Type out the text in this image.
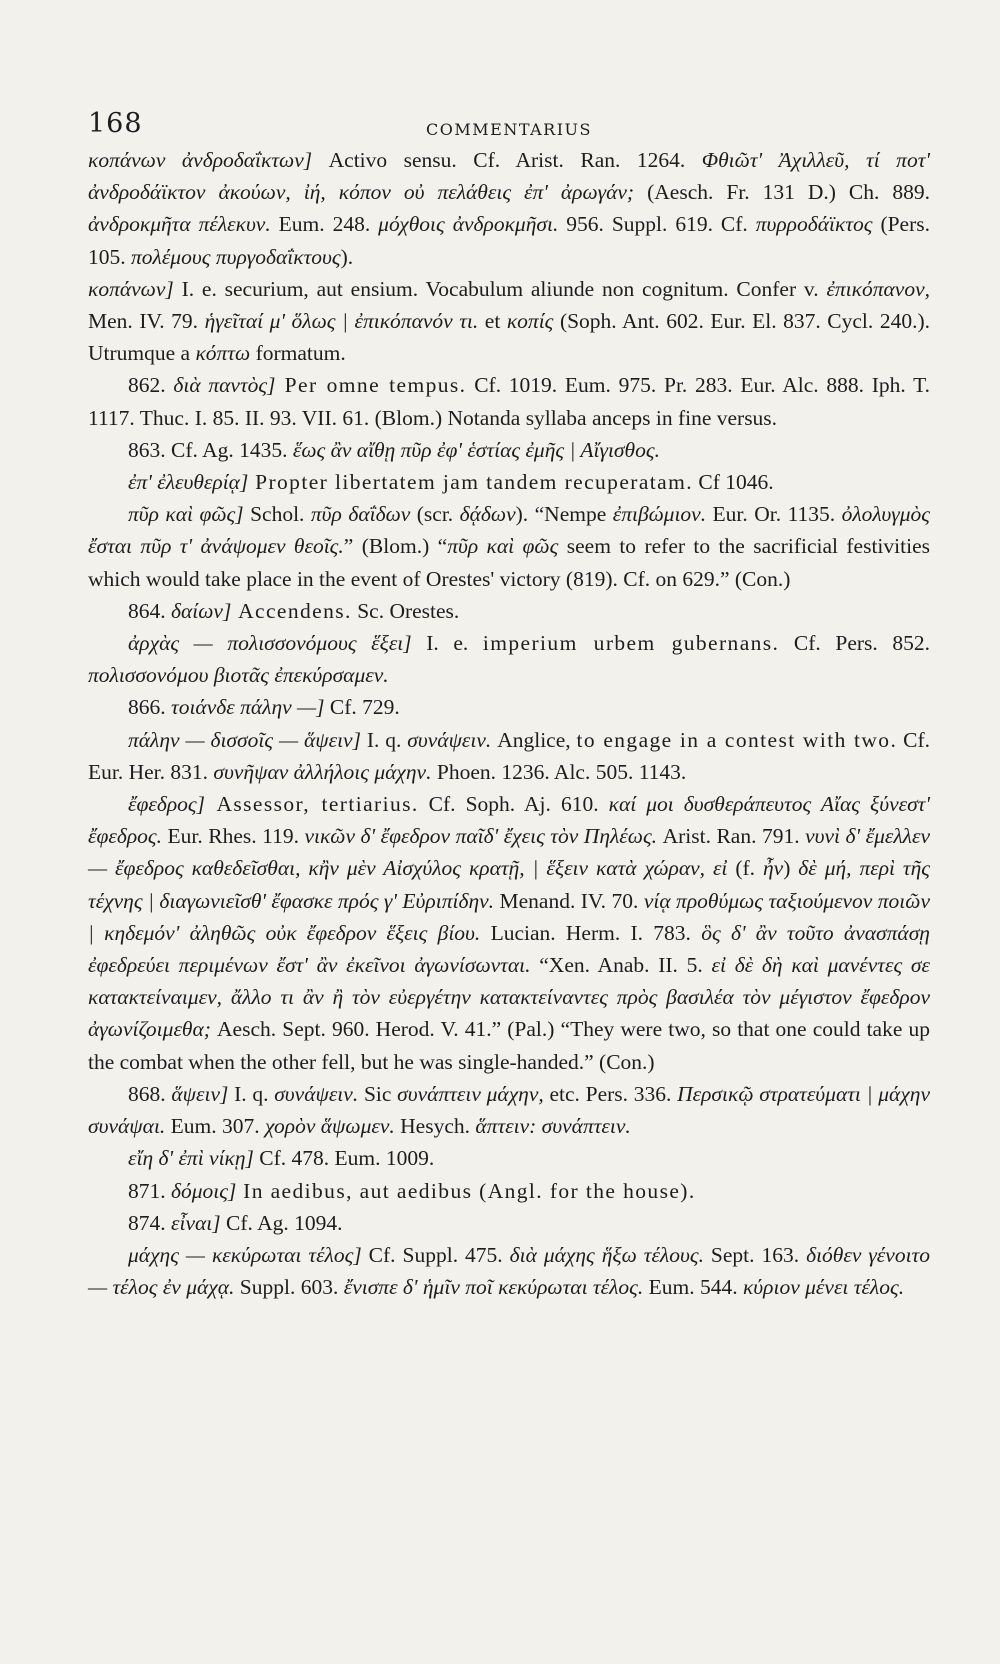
168	COMMENTARIUS

κοπάνων ἀνδροδαΐκτων] Activo sensu. Cf. Arist. Ran. 1264. Φθιῶτ' Ἀχιλλεῦ, τί ποτ' ἀνδροδάϊκτον ἀκούων, ἰή, κόπον οὐ πελάθεις ἐπ' ἀρωγάν; (Aesch. Fr. 131 D.) Ch. 889. ἀνδροκμῆτα πέλεκυν. Eum. 248. μόχθοις ἀνδροκμῆσι. 956. Suppl. 619. Cf. πυρροδάϊκτος (Pers. 105. πολέμους πυργοδαΐκτους).

κοπάνων] I. e. securium, aut ensium. Vocabulum aliunde non cognitum. Confer v. ἐπικόπανον, Men. IV. 79. ἡγεῖταί μ' ὅλως | ἐπικόπανόν τι. et κοπίς (Soph. Ant. 602. Eur. El. 837. Cycl. 240.). Utrumque a κόπτω formatum.

862. διὰ παντὸς] Per omne tempus. Cf. 1019. Eum. 975. Pr. 283. Eur. Alc. 888. Iph. T. 1117. Thuc. I. 85. II. 93. VII. 61. (Blom.) Notanda syllaba anceps in fine versus.

863. Cf. Ag. 1435. ἕως ἂν αἴθῃ πῦρ ἐφ' ἑστίας ἐμῆς | Αἴγισθος.

ἐπ' ἐλευθερίᾳ] Propter libertatem jam tandem recuperatam. Cf 1046.

πῦρ καὶ φῶς] Schol. πῦρ δαΐδων (scr. δᾴδων). “Nempe ἐπιβώμιον. Eur. Or. 1135. ὀλολυγμὸς ἔσται πῦρ τ' ἀνάψομεν θεοῖς.” (Blom.) “πῦρ καὶ φῶς seem to refer to the sacrificial festivities which would take place in the event of Orestes' victory (819). Cf. on 629.” (Con.)

864. δαίων] Accendens. Sc. Orestes.

ἀρχὰς — πολισσονόμους ἕξει] I. e. imperium urbem gubernans. Cf. Pers. 852. πολισσονόμου βιοτᾶς ἐπεκύρσαμεν.

866. τοιάνδε πάλην —] Cf. 729.

πάλην — δισσοῖς — ἅψειν] I. q. συνάψειν. Anglice, to engage in a contest with two. Cf. Eur. Her. 831. συνῆψαν ἀλλήλοις μάχην. Phoen. 1236. Alc. 505. 1143.

ἔφεδρος] Assessor, tertiarius. Cf. Soph. Aj. 610. καί μοι δυσθεράπευτος Αἴας ξύνεστ' ἔφεδρος. Eur. Rhes. 119. νικῶν δ' ἔφεδρον παῖδ' ἔχεις τὸν Πηλέως. Arist. Ran. 791. νυνὶ δ' ἔμελλεν — ἔφεδρος καθεδεῖσθαι, κἢν μὲν Αἰσχύλος κρατῇ, | ἕξειν κατὰ χώραν, εἰ (f. ἦν) δὲ μή, περὶ τῆς τέχνης | διαγωνιεῖσθ' ἔφασκε πρός γ' Εὐριπίδην. Menand. IV. 70. νίᾳ προθύμως ταξιούμενον ποιῶν | κηδεμόν' ἀληθῶς οὐκ ἔφεδρον ἕξεις βίου. Lucian. Herm. I. 783. ὃς δ' ἂν τοῦτο ἀνασπάσῃ ἐφεδρεύει περιμένων ἔστ' ἂν ἐκεῖνοι ἀγωνίσωνται. “Xen. Anab. II. 5. εἰ δὲ δὴ καὶ μανέντες σε κατακτείναιμεν, ἄλλο τι ἂν ἢ τὸν εὐεργέτην κατακτείναντες πρὸς βασιλέα τὸν μέγιστον ἔφεδρον ἀγωνίζοιμεθα; Aesch. Sept. 960. Herod. V. 41.” (Pal.) “They were two, so that one could take up the combat when the other fell, but he was single-handed.” (Con.)

868. ἅψειν] I. q. συνάψειν. Sic συνάπτειν μάχην, etc. Pers. 336. Περσικῷ στρατεύματι | μάχην συνάψαι. Eum. 307. χορὸν ἅψωμεν. Hesych. ἅπτειν: συνάπτειν.

εἴη δ' ἐπὶ νίκῃ] Cf. 478. Eum. 1009.

871. δόμοις] In aedibus, aut aedibus (Angl. for the house).

874. εἶναι] Cf. Ag. 1094.

μάχης — κεκύρωται τέλος] Cf. Suppl. 475. διὰ μάχης ἥξω τέλους. Sept. 163. διόθεν γένοιτο — τέλος ἐν μάχᾳ. Suppl. 603. ἔνισπε δ' ἡμῖν ποῖ κεκύρωται τέλος. Eum. 544. κύριον μένει τέλος.
